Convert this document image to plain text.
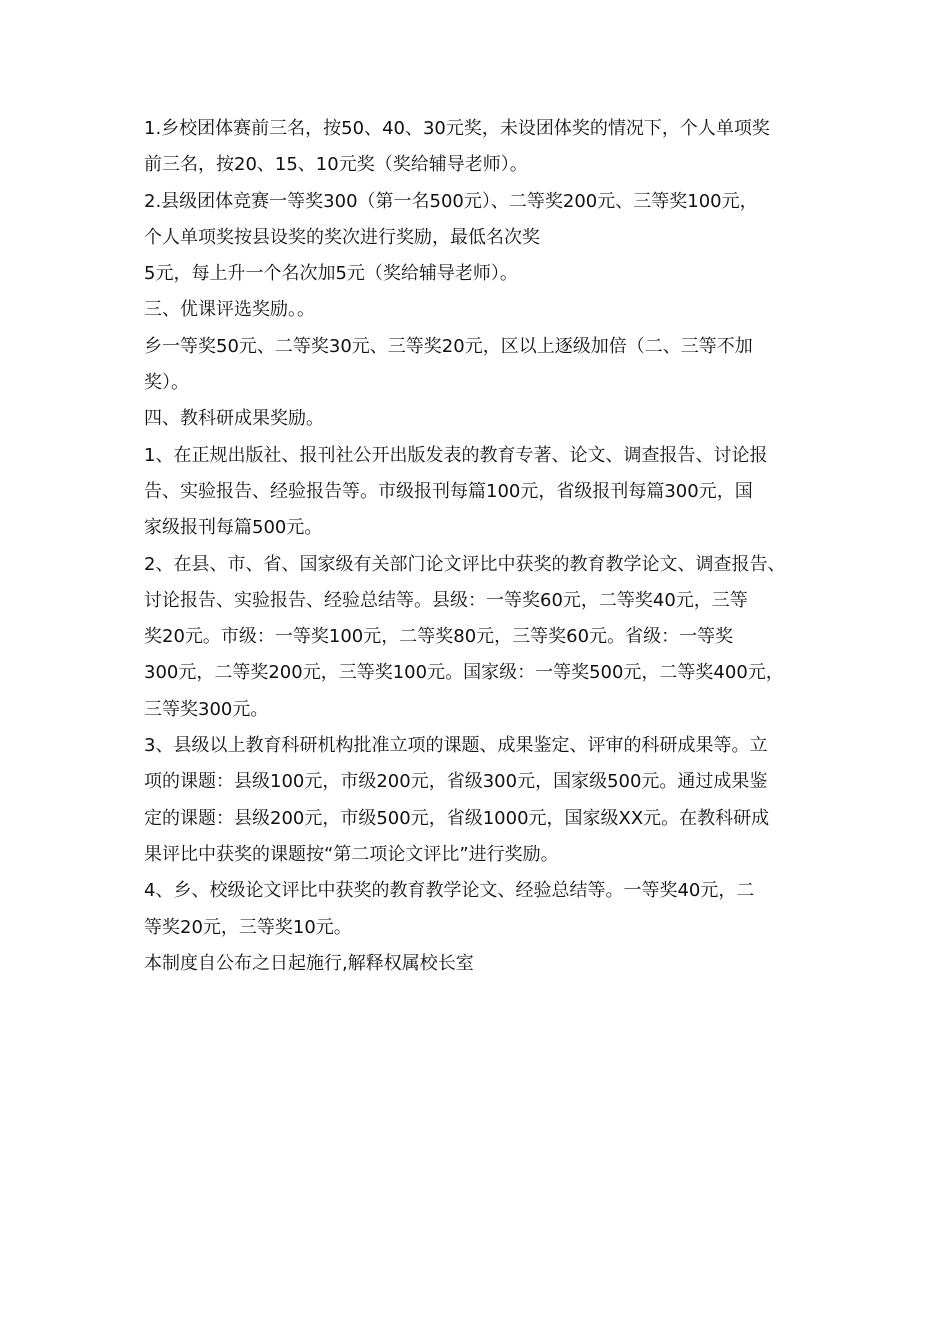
1.乡校团体赛前三名，按50、40、30元奖，未设团体奖的情况下，个人单项奖
前三名，按20、15、10元奖（奖给辅导老师）。
2.县级团体竞赛一等奖300（第一名500元）、二等奖200元、三等奖100元，
个人单项奖按县设奖的奖次进行奖励，最低名次奖
5元，每上升一个名次加5元（奖给辅导老师）。
三、优课评选奖励。。
乡一等奖50元、二等奖30元、三等奖20元，区以上逐级加倍（二、三等不加
奖）。
四、教科研成果奖励。
1、在正规出版社、报刊社公开出版发表的教育专著、论文、调查报告、讨论报
告、实验报告、经验报告等。市级报刊每篇100元，省级报刊每篇300元，国
家级报刊每篇500元。
2、在县、市、省、国家级有关部门论文评比中获奖的教育教学论文、调查报告、
讨论报告、实验报告、经验总结等。县级：一等奖60元，二等奖40元，三等
奖20元。市级：一等奖100元，二等奖80元，三等奖60元。省级：一等奖
300元，二等奖200元，三等奖100元。国家级：一等奖500元，二等奖400元，
三等奖300元。
3、县级以上教育科研机构批准立项的课题、成果鉴定、评审的科研成果等。立
项的课题：县级100元，市级200元，省级300元，国家级500元。通过成果鉴
定的课题：县级200元，市级500元，省级1000元，国家级XX元。在教科研成
果评比中获奖的课题按“第二项论文评比”进行奖励。
4、乡、校级论文评比中获奖的教育教学论文、经验总结等。一等奖40元，二
等奖20元，三等奖10元。
本制度自公布之日起施行,解释权属校长室
